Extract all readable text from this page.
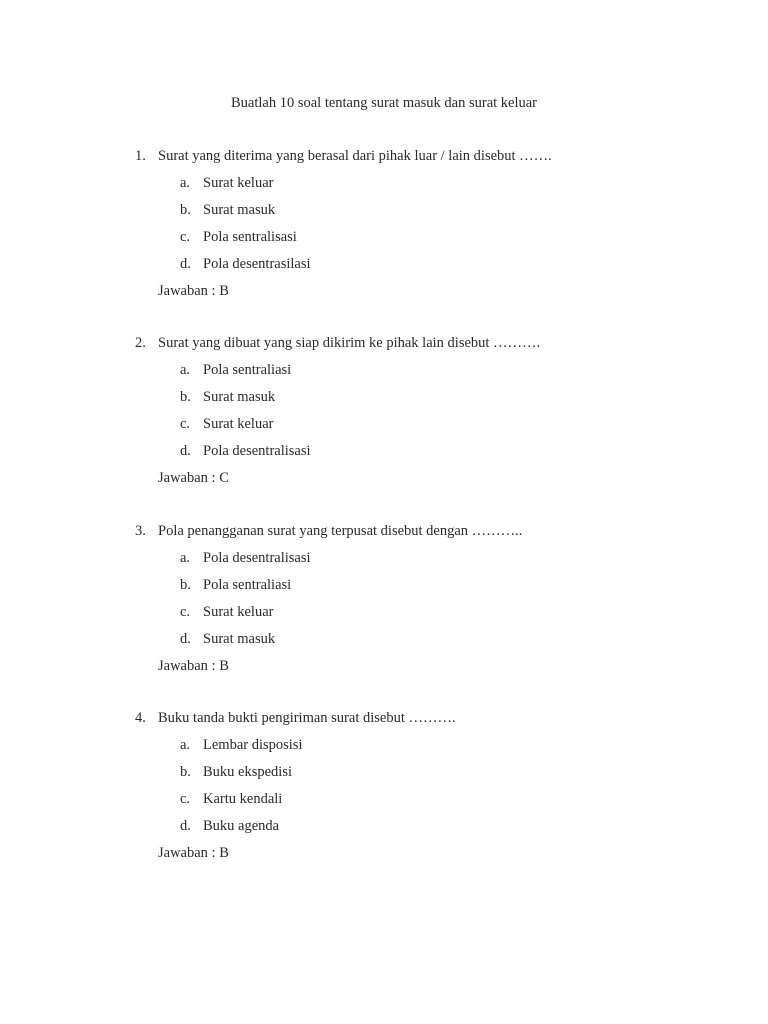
Buatlah 10 soal tentang surat masuk dan surat keluar
1. Surat yang diterima yang berasal dari pihak luar / lain disebut …….
a. Surat keluar
b. Surat masuk
c. Pola sentralisasi
d. Pola desentrasilasi
Jawaban : B
2. Surat yang dibuat yang siap dikirim ke pihak lain disebut ……….
a. Pola sentraliasi
b. Surat masuk
c. Surat keluar
d. Pola desentralisasi
Jawaban : C
3. Pola penangganan surat yang terpusat disebut dengan ………..
a. Pola desentralisasi
b. Pola sentraliasi
c. Surat keluar
d. Surat masuk
Jawaban : B
4. Buku tanda bukti pengiriman surat disebut ……….
a. Lembar disposisi
b. Buku ekspedisi
c. Kartu kendali
d. Buku agenda
Jawaban : B
